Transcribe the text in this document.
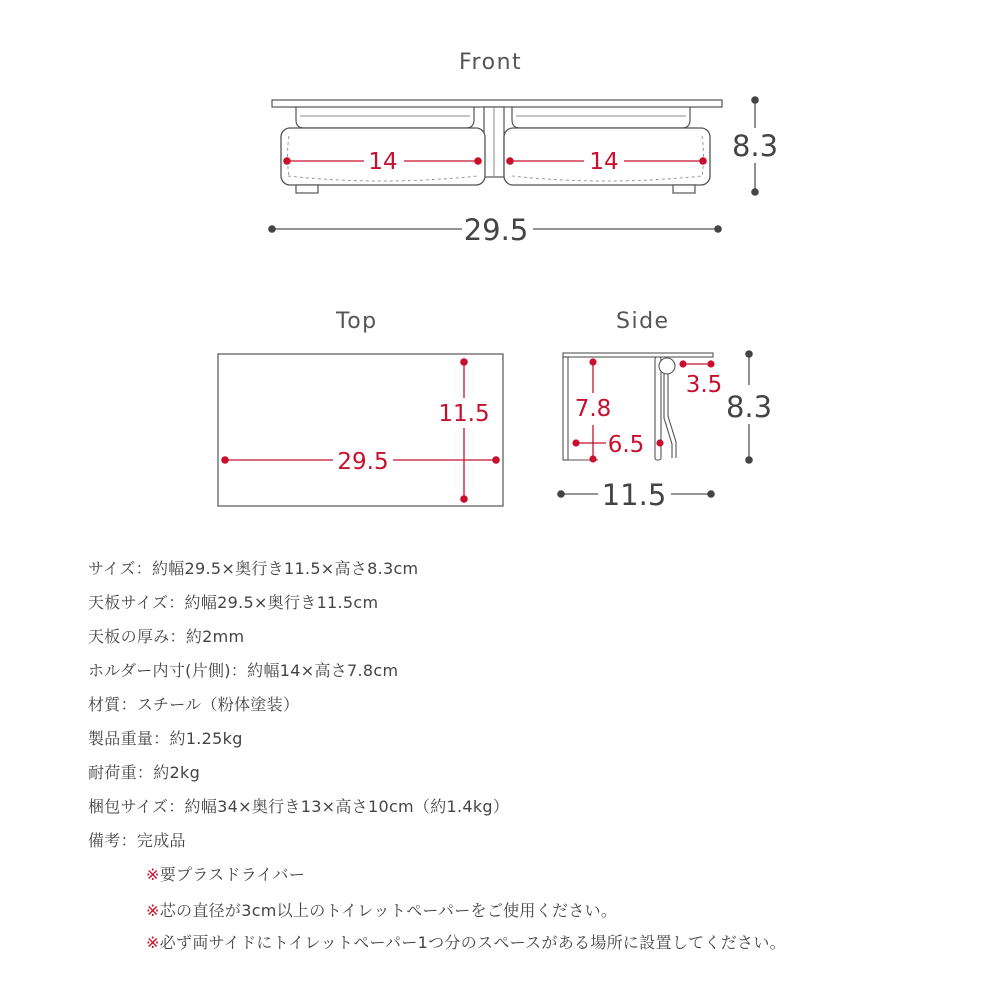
Front
Top	Side
14	14	8.3
29.5
11.5
29.5
7.8
6.5
3.5
8.3
11.5
サイズ：約幅29.5×奥行き11.5×高さ8.3cm
天板サイズ：約幅29.5×奥行き11.5cm
天板の厚み：約2mm
ホルダー内寸(片側)：約幅14×高さ7.8cm
材質：スチール（粉体塗装）
製品重量：約1.25kg
耐荷重：約2kg
梱包サイズ：約幅34×奥行き13×高さ10cm（約1.4kg）
備考：完成品
※要プラスドライバー
※芯の直径が3cm以上のトイレットペーパーをご使用ください。
※必ず両サイドにトイレットペーパー1つ分のスペースがある場所に設置してください。
